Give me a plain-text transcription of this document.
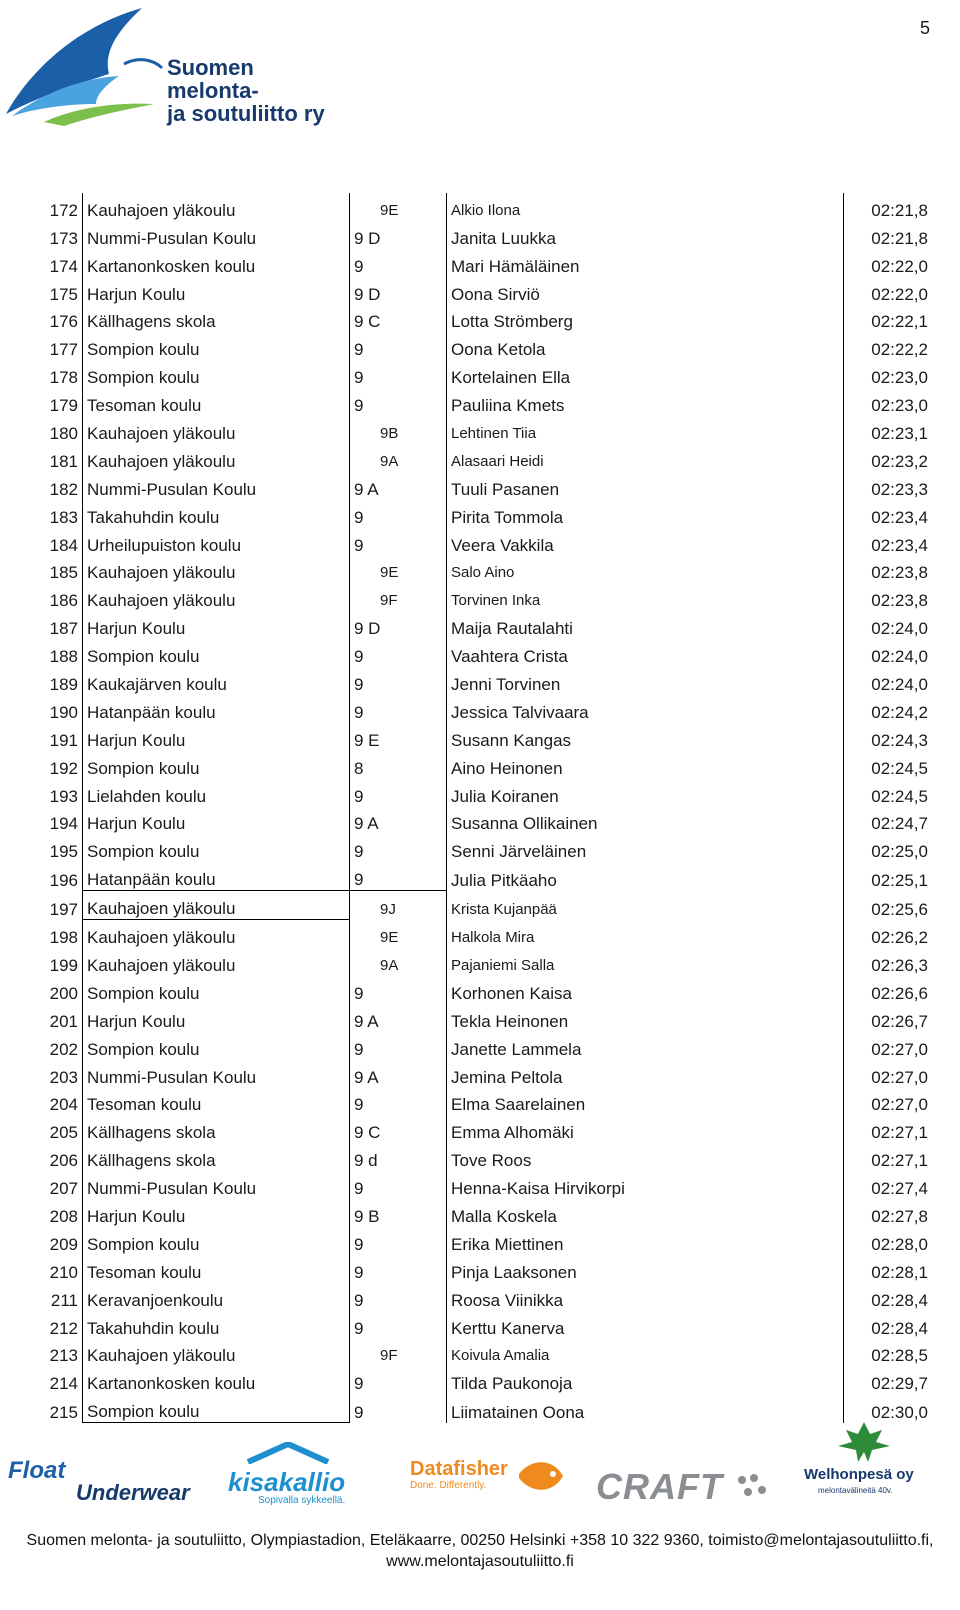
5
Suomen
melonta-
ja soutuliitto ry
172	Kauhajoen yläkoulu	9E	Alkio Ilona	02:21,8
173	Nummi-Pusulan Koulu	9 D	Janita Luukka	02:21,8
174	Kartanonkosken koulu	9	Mari Hämäläinen	02:22,0
175	Harjun Koulu	9 D	Oona Sirviö	02:22,0
176	Källhagens skola	9 C	Lotta Strömberg	02:22,1
177	Sompion koulu	9	Oona Ketola	02:22,2
178	Sompion koulu	9	Kortelainen Ella	02:23,0
179	Tesoman koulu	9	Pauliina Kmets	02:23,0
180	Kauhajoen yläkoulu	9B	Lehtinen Tiia	02:23,1
181	Kauhajoen yläkoulu	9A	Alasaari Heidi	02:23,2
182	Nummi-Pusulan Koulu	9 A	Tuuli Pasanen	02:23,3
183	Takahuhdin koulu	9	Pirita Tommola	02:23,4
184	Urheilupuiston koulu	9	Veera Vakkila	02:23,4
185	Kauhajoen yläkoulu	9E	Salo Aino	02:23,8
186	Kauhajoen yläkoulu	9F	Torvinen Inka	02:23,8
187	Harjun Koulu	9 D	Maija Rautalahti	02:24,0
188	Sompion koulu	9	Vaahtera Crista	02:24,0
189	Kaukajärven koulu	9	Jenni Torvinen	02:24,0
190	Hatanpään koulu	9	Jessica Talvivaara	02:24,2
191	Harjun Koulu	9 E	Susann Kangas	02:24,3
192	Sompion koulu	8	Aino Heinonen	02:24,5
193	Lielahden koulu	9	Julia Koiranen	02:24,5
194	Harjun Koulu	9 A	Susanna Ollikainen	02:24,7
195	Sompion koulu	9	Senni Järveläinen	02:25,0
196	Hatanpään koulu	9	Julia Pitkäaho	02:25,1
197	Kauhajoen yläkoulu	9J	Krista Kujanpää	02:25,6
198	Kauhajoen yläkoulu	9E	Halkola Mira	02:26,2
199	Kauhajoen yläkoulu	9A	Pajaniemi Salla	02:26,3
200	Sompion koulu	9	Korhonen Kaisa	02:26,6
201	Harjun Koulu	9 A	Tekla Heinonen	02:26,7
202	Sompion koulu	9	Janette Lammela	02:27,0
203	Nummi-Pusulan Koulu	9 A	Jemina Peltola	02:27,0
204	Tesoman koulu	9	Elma Saarelainen	02:27,0
205	Källhagens skola	9 C	Emma Alhomäki	02:27,1
206	Källhagens skola	9 d	Tove Roos	02:27,1
207	Nummi-Pusulan Koulu	9	Henna-Kaisa Hirvikorpi	02:27,4
208	Harjun Koulu	9 B	Malla Koskela	02:27,8
209	Sompion koulu	9	Erika Miettinen	02:28,0
210	Tesoman koulu	9	Pinja Laaksonen	02:28,1
211	Keravanjoenkoulu	9	Roosa Viinikka	02:28,4
212	Takahuhdin koulu	9	Kerttu Kanerva	02:28,4
213	Kauhajoen yläkoulu	9F	Koivula Amalia	02:28,5
214	Kartanonkosken koulu	9	Tilda Paukonoja	02:29,7
215	Sompion koulu	9	Liimatainen Oona	02:30,0
Float
Underwear	kisakallio
Sopivalla sykkeellä.
Datafisher
Done. Differently.	CRAFT	Welhonpesä oy
melontavälineitä 40v.
Suomen melonta- ja soutuliitto, Olympiastadion, Eteläkaarre, 00250 Helsinki +358 10 322 9360, toimisto@melontajasoutuliitto.fi,
www.melontajasoutuliitto.fi
